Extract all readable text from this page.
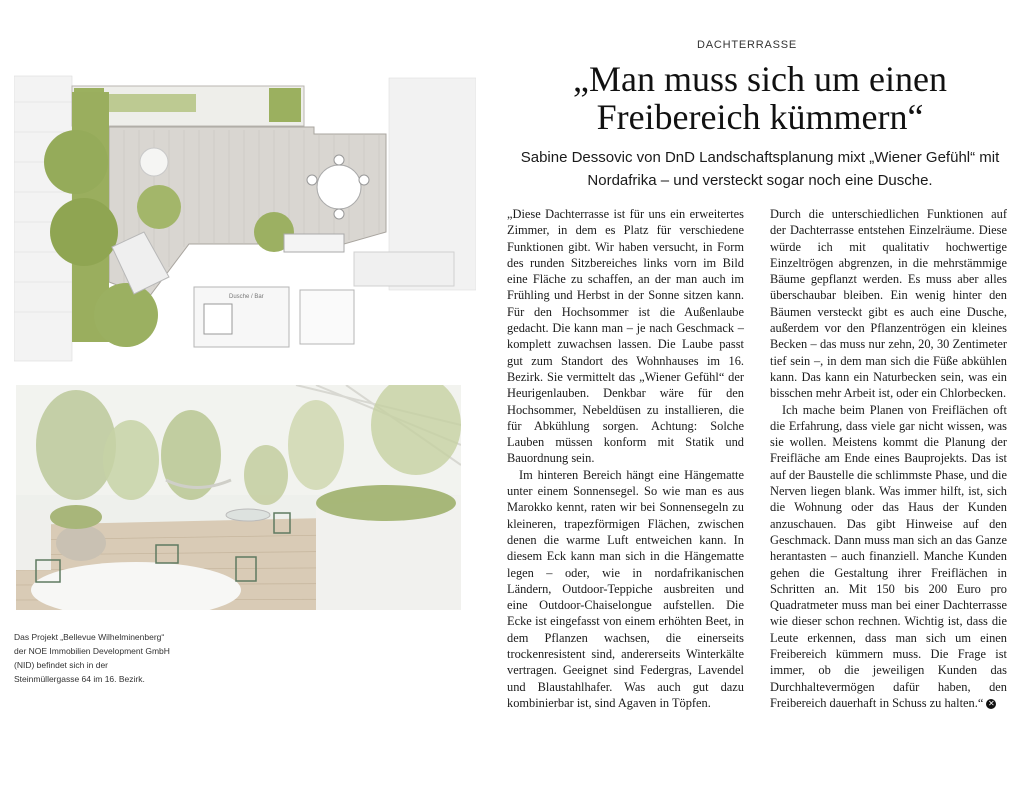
Dusche / Bar
Das Projekt „Bellevue Wilhelminenberg“ der NOE Immobilien Development GmbH (NID) befindet sich in der Steinmüllergasse 64 im 16. Bezirk.
DACHTERRASSE
„Man muss sich um einen Freibereich kümmern“
Sabine Dessovic von DnD Landschaftsplanung mixt „Wiener Gefühl“ mit Nordafrika – und versteckt sogar noch eine Dusche.

„Diese Dachterrasse ist für uns ein erweitertes Zimmer, in dem es Platz für verschiedene Funktionen gibt. Wir haben versucht, in Form des runden Sitzbereiches links vorn im Bild eine Fläche zu schaffen, an der man auch im Frühling und Herbst in der Sonne sitzen kann. Für den Hochsommer ist die Außenlaube gedacht. Die kann man – je nach Geschmack – komplett zuwachsen lassen. Die Laube passt gut zum Standort des Wohnhauses im 16. Bezirk. Sie vermittelt das „Wiener Gefühl“ der Heurigenlauben. Denkbar wäre für den Hochsommer, Nebeldüsen zu installieren, die für Abkühlung sorgen. Achtung: Solche Lauben müssen konform mit Statik und Bauordnung sein.

Im hinteren Bereich hängt eine Hängematte unter einem Sonnensegel. So wie man es aus Marokko kennt, raten wir bei Sonnensegeln zu kleineren, trapezförmigen Flächen, zwischen denen die warme Luft entweichen kann. In diesem Eck kann man sich in die Hängematte legen – oder, wie in nordafrikanischen Ländern, Outdoor-Teppiche ausbreiten und eine Outdoor-Chaiselongue aufstellen. Die Ecke ist eingefasst von einem erhöhten Beet, in dem Pflanzen wachsen, die einerseits trockenresistent sind, andererseits Winterkälte vertragen. Geeignet sind Federgras, Lavendel und Blaustahlhafer. Was auch gut dazu kombinierbar ist, sind Agaven in Töpfen.

Durch die unterschiedlichen Funktionen auf der Dachterrasse entstehen Einzelräume. Diese würde ich mit qualitativ hochwertige Einzeltrögen abgrenzen, in die mehrstämmige Bäume gepflanzt werden. Es muss aber alles überschaubar bleiben. Ein wenig hinter den Bäumen versteckt gibt es auch eine Dusche, außerdem vor den Pflanzentrögen ein kleines Becken – das muss nur zehn, 20, 30 Zentimeter tief sein –, in dem man sich die Füße abkühlen kann. Das kann ein Naturbecken sein, was ein bisschen mehr Arbeit ist, oder ein Chlorbecken.

Ich mache beim Planen von Freiflächen oft die Erfahrung, dass viele gar nicht wissen, was sie wollen. Meistens kommt die Planung der Freifläche am Ende eines Bauprojekts. Das ist auf der Baustelle die schlimmste Phase, und die Nerven liegen blank. Was immer hilft, ist, sich die Wohnung oder das Haus der Kunden anzuschauen. Das gibt Hinweise auf den Geschmack. Dann muss man sich an das Ganze herantasten – auch finanziell. Manche Kunden gehen die Gestaltung ihrer Freiflächen in Schritten an. Mit 150 bis 200 Euro pro Quadratmeter muss man bei einer Dachterrasse wie dieser schon rechnen. Wichtig ist, dass die Leute erkennen, dass man sich um einen Freibereich kümmern muss. Die Frage ist immer, ob die jeweiligen Kunden das Durchhaltevermögen dafür haben, den Freibereich dauerhaft in Schuss zu halten.“ ✕
